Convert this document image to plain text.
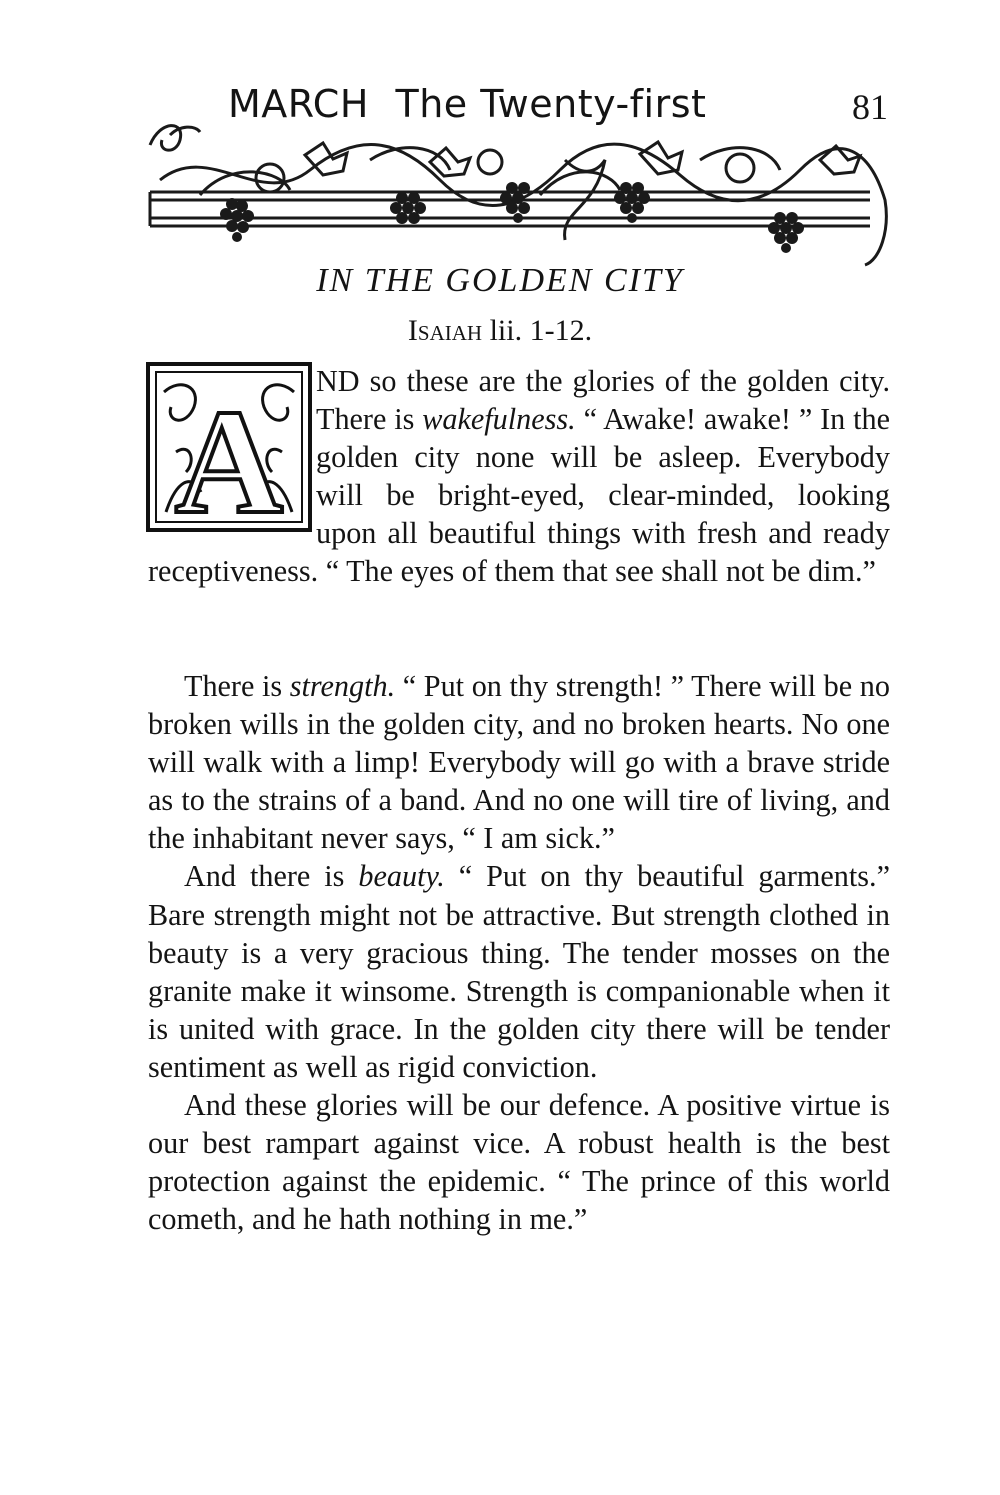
MARCH The Twenty-first	81
IN THE GOLDEN CITY
Isaiah lii. 1-12.
A	ND so these are the glories of the golden city. There is wakefulness. “ Awake! awake! ” In the golden city none will be asleep. Everybody will be bright-eyed, clear-minded, looking upon all beautiful things with fresh and ready receptiveness. “ The eyes of them that see shall not be dim.”

There is strength. “ Put on thy strength! ” There will be no broken wills in the golden city, and no broken hearts. No one will walk with a limp! Everybody will go with a brave stride as to the strains of a band. And no one will tire of living, and the inhabitant never says, “ I am sick.”

And there is beauty. “ Put on thy beautiful garments.” Bare strength might not be attractive. But strength clothed in beauty is a very gracious thing. The tender mosses on the granite make it winsome. Strength is companionable when it is united with grace. In the golden city there will be tender sentiment as well as rigid conviction.

And these glories will be our defence. A positive virtue is our best rampart against vice. A robust health is the best protection against the epidemic. “ The prince of this world cometh, and he hath nothing in me.”
